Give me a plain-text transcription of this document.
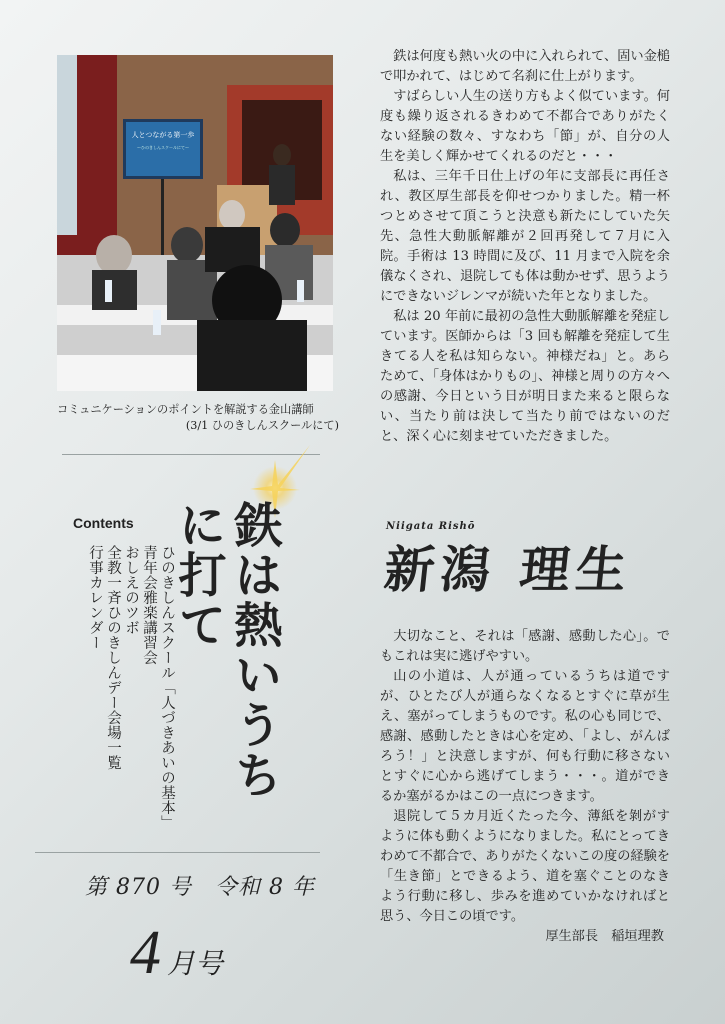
人とつながる第一歩
〜ひのきしんスクールにて〜
コミュニケーションのポイントを解説する金山講師
(3/1 ひのきしんスクールにて)
鉄は熱いうちに打て
Contents
ひのきしんスクール「人づきあいの基本」
青年会雅楽講習会
おしえのツボ
全教一斉ひのきしんデー会場一覧
行事カレンダー
第 870 号　令和 8 年
4 月号

鉄は何度も熱い火の中に入れられて、固い金槌で叩かれて、はじめて名刹に仕上がります。

すばらしい人生の送り方もよく似ています。何度も繰り返されるきわめて不都合でありがたくない経験の数々、すなわち「節」が、自分の人生を美しく輝かせてくれるのだと・・・

私は、三年千日仕上げの年に支部長に再任され、教区厚生部長を仰せつかりました。精一杯つとめさせて頂こうと決意も新たにしていた矢先、急性大動脈解離が２回再発して７月に入院。手術は 13 時間に及び、11 月まで入院を余儀なくされ、退院しても体は動かせず、思うようにできないジレンマが続いた年となりました。

私は 20 年前に最初の急性大動脈解離を発症しています。医師からは「3 回も解離を発症して生きてる人を私は知らない。神様だね」と。あらためて、「身体はかりもの」、神様と周りの方々への感謝、今日という日が明日また来ると限らない、当たり前は決して当たり前ではないのだと、深く心に刻ませていただきました。

Niigata Rishō
新潟 理生

大切なこと、それは「感謝、感動した心」。でもこれは実に逃げやすい。

山の小道は、人が通っているうちは道ですが、ひとたび人が通らなくなるとすぐに草が生え、塞がってしまうものです。私の心も同じで、感謝、感動したときは心を定め、「よし、がんばろう！」と決意しますが、何も行動に移さないとすぐに心から逃げてしまう・・・。道ができるか塞がるかはこの一点につきます。

退院して５カ月近くたった今、薄紙を剝がすように体も動くようになりました。私にとってきわめて不都合で、ありがたくないこの度の経験を「生き節」とできるよう、道を塞ぐことのなきよう行動に移し、歩みを進めていかなければと思う、今日この頃です。

厚生部長　稲垣理教
